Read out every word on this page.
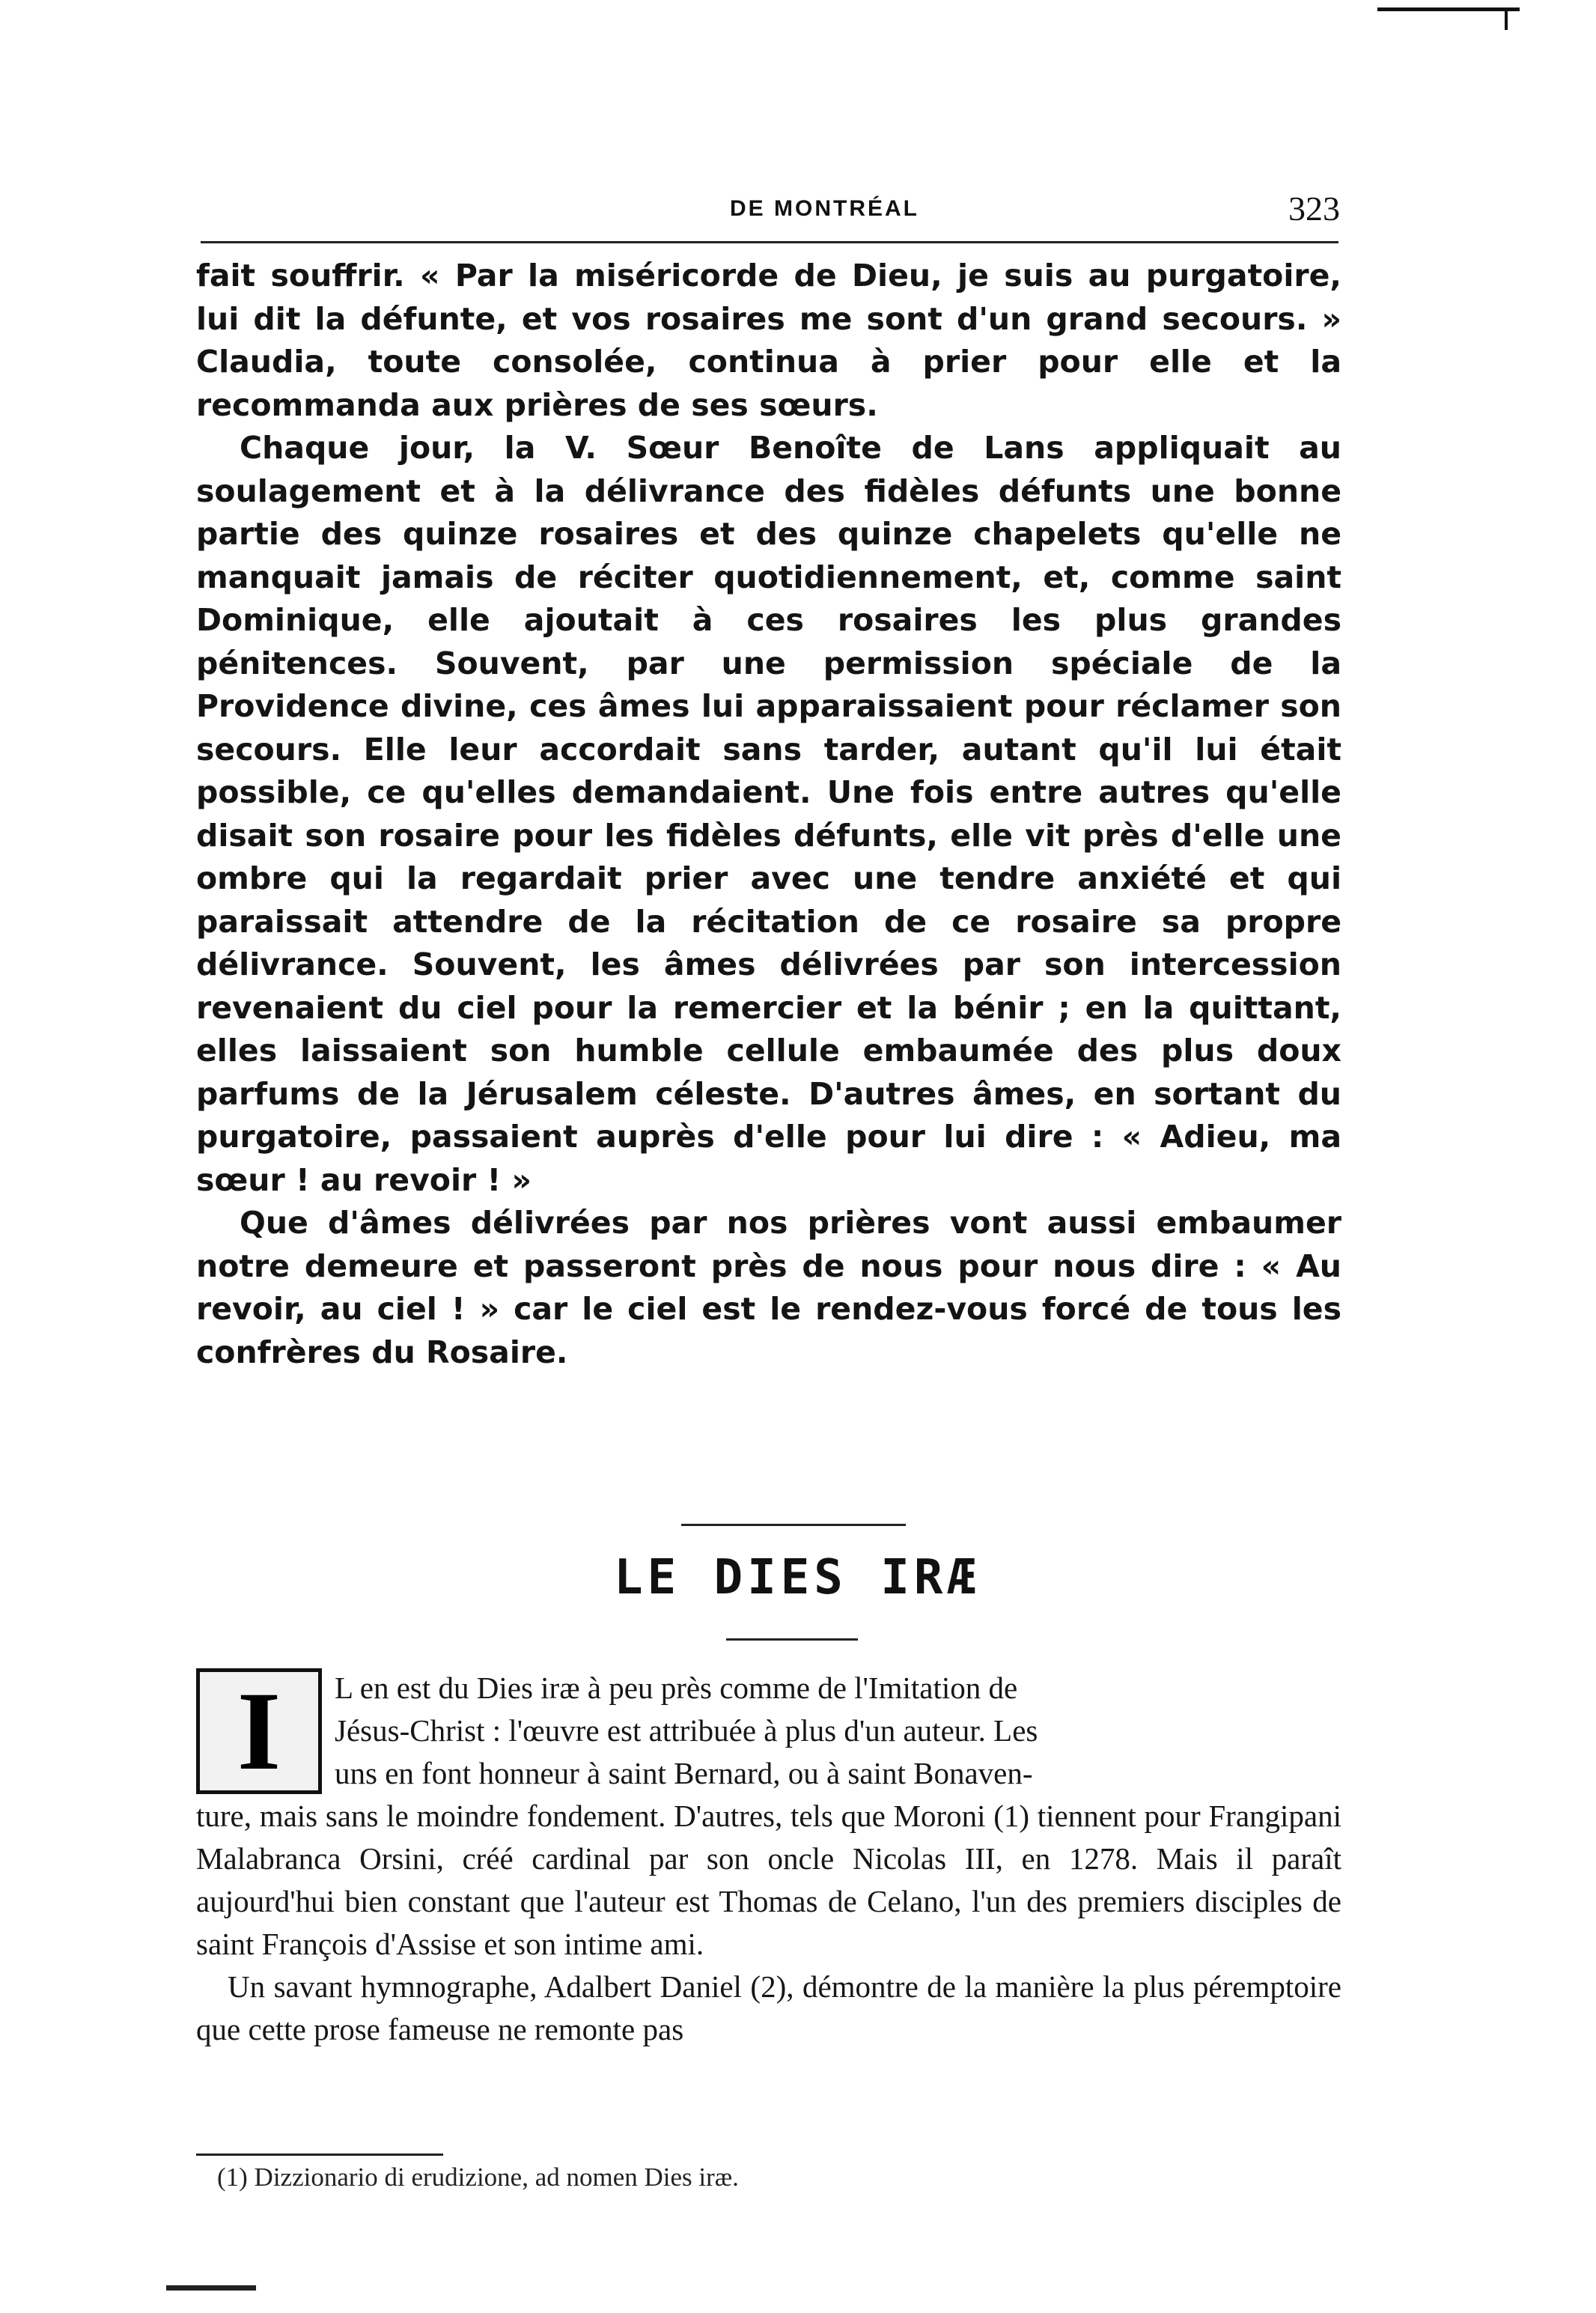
DE MONTRÉAL	323

fait souffrir. « Par la miséricorde de Dieu, je suis au purgatoire, lui dit la défunte, et vos rosaires me sont d'un grand secours. » Claudia, toute consolée, continua à prier pour elle et la recommanda aux prières de ses sœurs.

Chaque jour, la V. Sœur Benoîte de Lans appliquait au soulagement et à la délivrance des fidèles défunts une bonne partie des quinze rosaires et des quinze chapelets qu'elle ne manquait jamais de réciter quotidiennement, et, comme saint Dominique, elle ajoutait à ces rosaires les plus grandes pénitences. Souvent, par une permission spéciale de la Providence divine, ces âmes lui apparaissaient pour réclamer son secours. Elle leur accordait sans tarder, autant qu'il lui était possible, ce qu'elles demandaient. Une fois entre autres qu'elle disait son rosaire pour les fidèles défunts, elle vit près d'elle une ombre qui la regardait prier avec une tendre anxiété et qui paraissait attendre de la récitation de ce rosaire sa propre délivrance. Souvent, les âmes délivrées par son intercession revenaient du ciel pour la remercier et la bénir ; en la quittant, elles laissaient son humble cellule embaumée des plus doux parfums de la Jérusalem céleste. D'autres âmes, en sortant du purgatoire, passaient auprès d'elle pour lui dire : « Adieu, ma sœur ! au revoir ! »

Que d'âmes délivrées par nos prières vont aussi embaumer notre demeure et passeront près de nous pour nous dire : « Au revoir, au ciel ! » car le ciel est le rendez-vous forcé de tous les confrères du Rosaire.

LE DIES IRÆ
I	L en est du Dies iræ à peu près comme de l'Imitation de

Jésus-Christ : l'œuvre est attribuée à plus d'un auteur. Les

uns en font honneur à saint Bernard, ou à saint Bonaven-

ture, mais sans le moindre fondement. D'autres, tels que Moroni (1) tiennent pour Frangipani Malabranca Orsini, créé cardinal par son oncle Nicolas III, en 1278. Mais il paraît aujourd'hui bien constant que l'auteur est Thomas de Celano, l'un des premiers disciples de saint François d'Assise et son intime ami.

Un savant hymnographe, Adalbert Daniel (2), démontre de la manière la plus péremptoire que cette prose fameuse ne remonte pas

(1) Dizzionario di erudizione, ad nomen Dies iræ.
